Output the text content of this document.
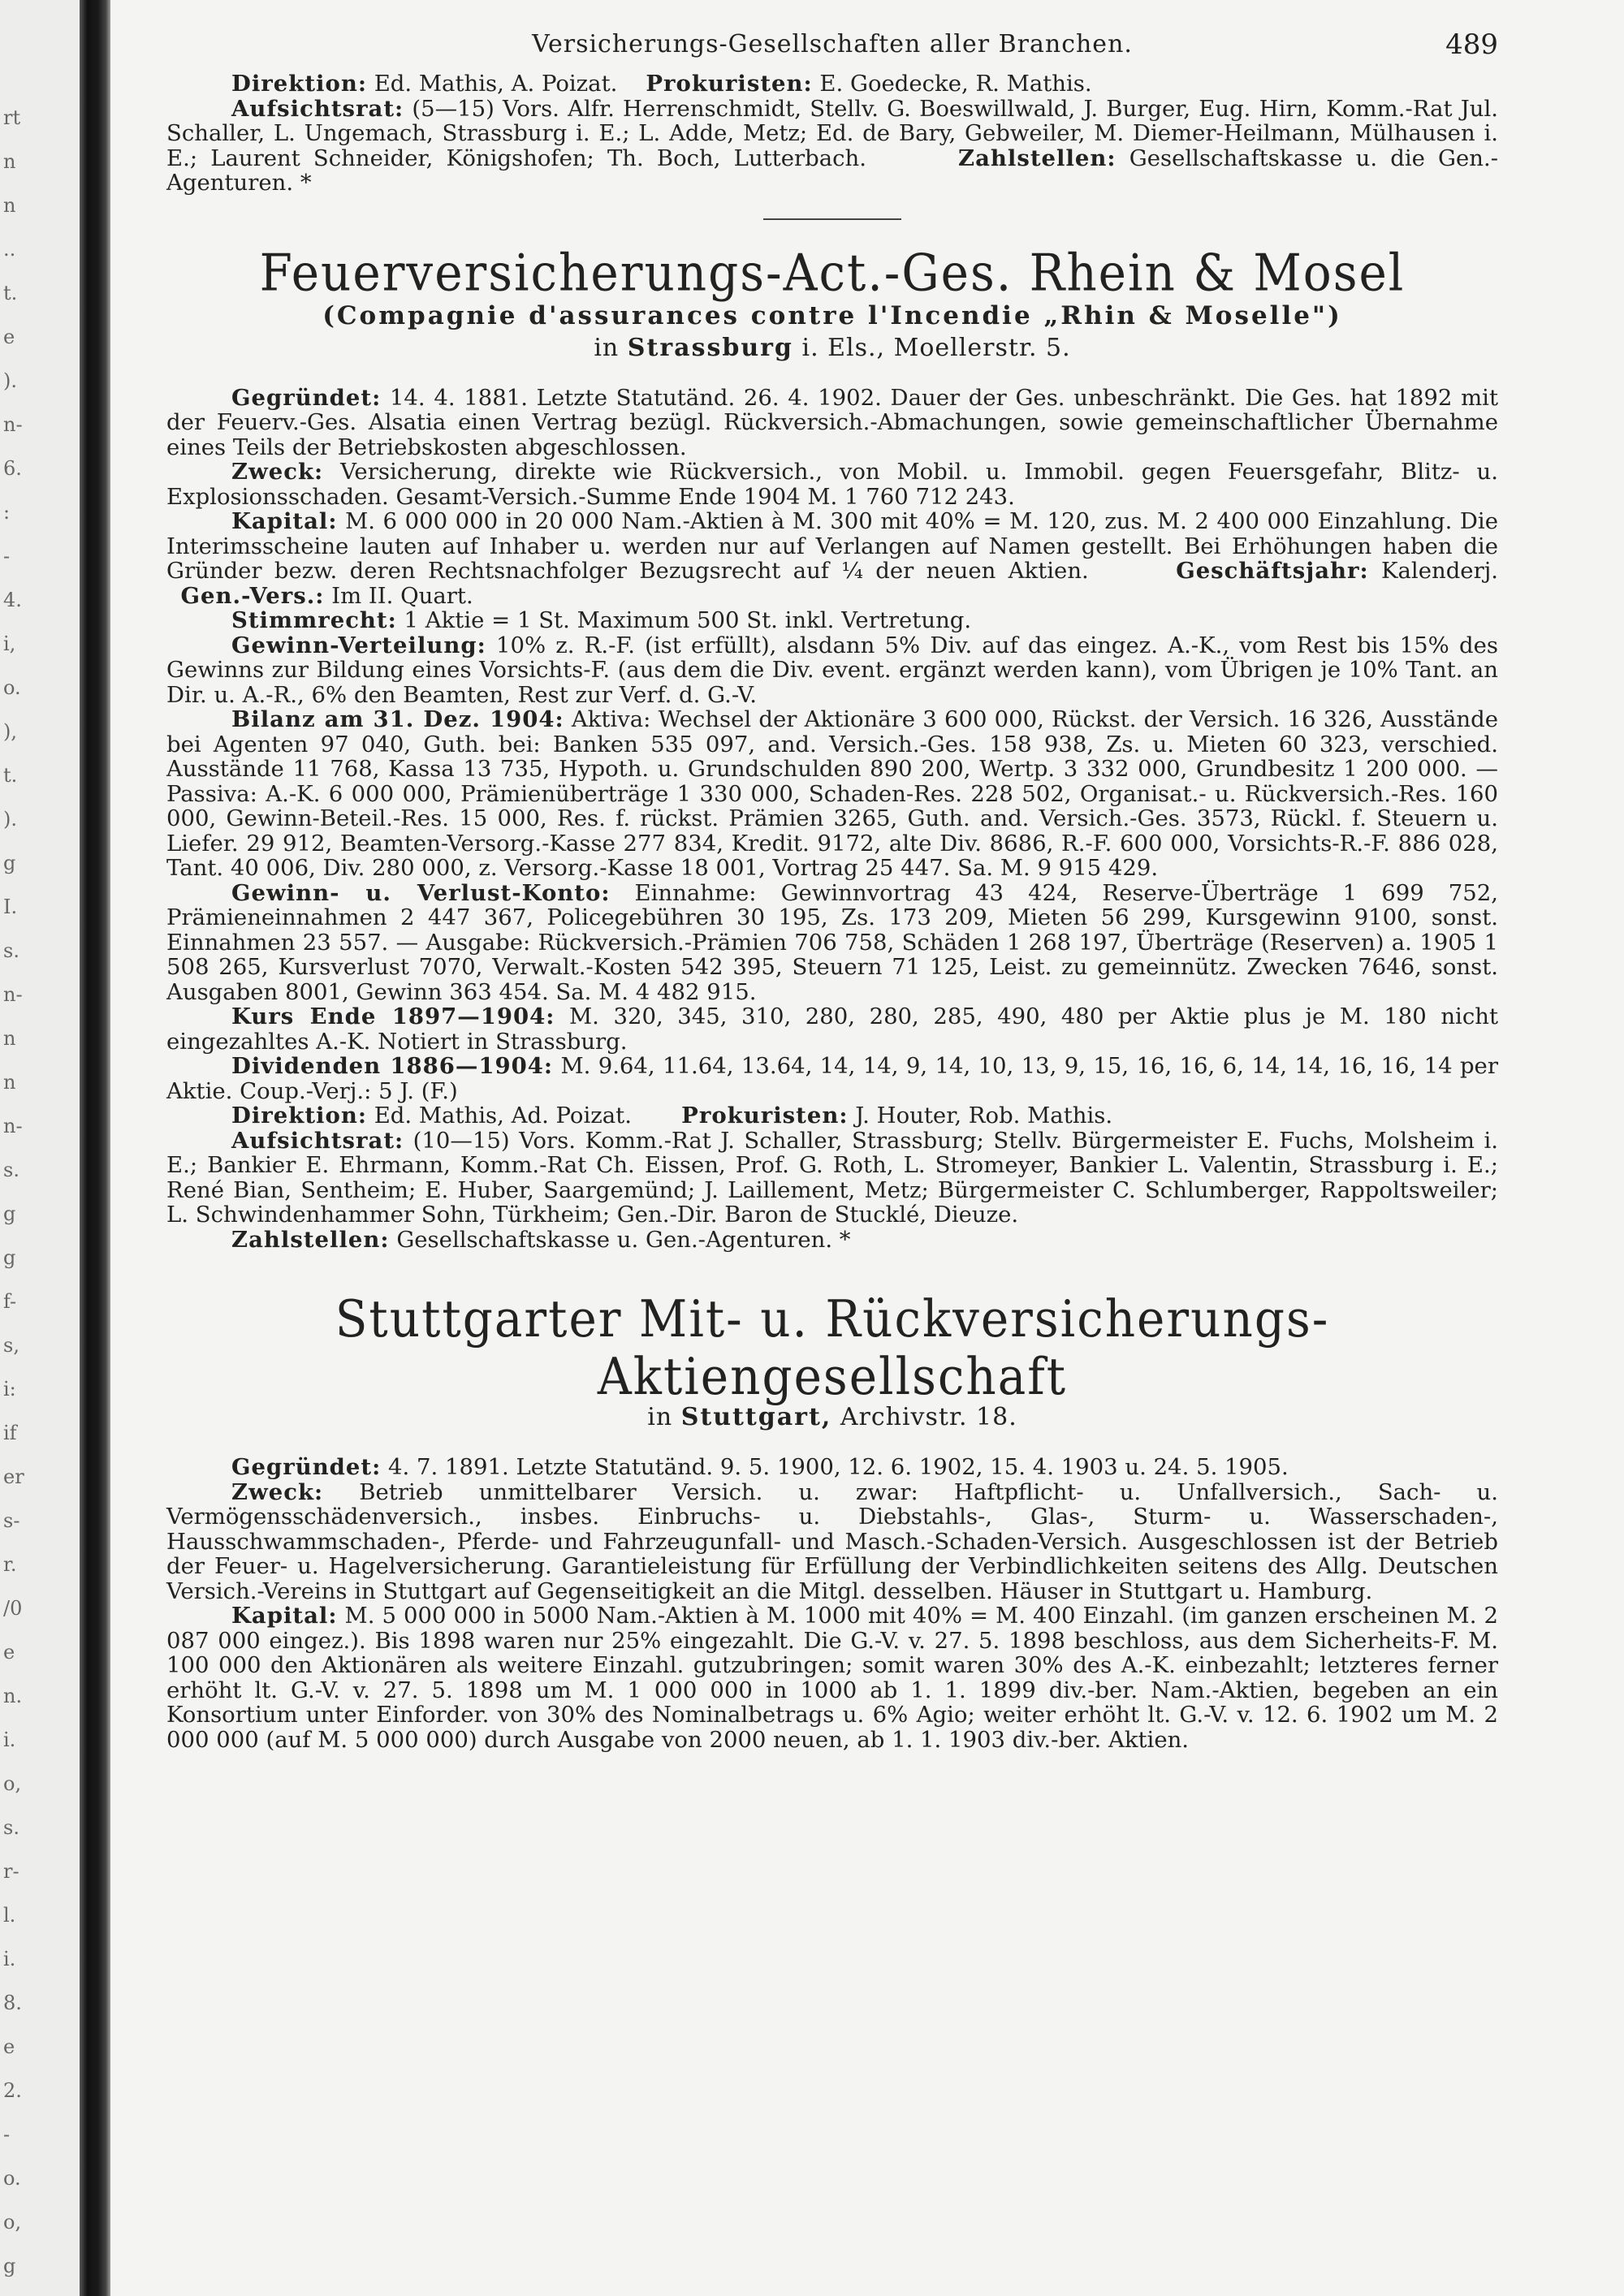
rt
n
n
..
t.
e
).
n-
6.
:
-
4.
i,
o.
),
t.
).
g
I.
s.
n-
n
n
n-
s.
g
g
f-
s,
i:
if
er
s-
r.
/0
e
n.
i.
o,
s.
r-
l.
i.
8.
e
2.
-
o.
o,
g
Versicherungs-Gesellschaften aller Branchen.	489

Direktion: Ed. Mathis, A. Poizat. Prokuristen: E. Goedecke, R. Mathis.

Aufsichtsrat: (5—15) Vors. Alfr. Herrenschmidt, Stellv. G. Boeswillwald, J. Burger, Eug. Hirn, Komm.-Rat Jul. Schaller, L. Ungemach, Strassburg i. E.; L. Adde, Metz; Ed. de Bary, Gebweiler, M. Diemer-Heilmann, Mülhausen i. E.; Laurent Schneider, Königshofen; Th. Boch, Lutterbach.	Zahlstellen: Gesellschaftskasse u. die Gen.-Agenturen. *

Feuerversicherungs-Act.-Ges. Rhein & Mosel
(Compagnie d'assurances contre l'Incendie „Rhin & Moselle")
in Strassburg i. Els., Moellerstr. 5.

Gegründet: 14. 4. 1881. Letzte Statutänd. 26. 4. 1902. Dauer der Ges. unbeschränkt. Die Ges. hat 1892 mit der Feuerv.-Ges. Alsatia einen Vertrag bezügl. Rückversich.-Abmachungen, sowie gemeinschaftlicher Übernahme eines Teils der Betriebskosten abgeschlossen.

Zweck: Versicherung, direkte wie Rückversich., von Mobil. u. Immobil. gegen Feuersgefahr, Blitz- u. Explosionsschaden. Gesamt-Versich.-Summe Ende 1904 M. 1 760 712 243.

Kapital: M. 6 000 000 in 20 000 Nam.-Aktien à M. 300 mit 40% = M. 120, zus. M. 2 400 000 Einzahlung. Die Interimsscheine lauten auf Inhaber u. werden nur auf Verlangen auf Namen gestellt. Bei Erhöhungen haben die Gründer bezw. deren Rechtsnachfolger Bezugsrecht auf ¼ der neuen Aktien.	Geschäftsjahr: Kalenderj.   Gen.-Vers.: Im II. Quart.

Stimmrecht: 1 Aktie = 1 St. Maximum 500 St. inkl. Vertretung.

Gewinn-Verteilung: 10% z. R.-F. (ist erfüllt), alsdann 5% Div. auf das eingez. A.-K., vom Rest bis 15% des Gewinns zur Bildung eines Vorsichts-F. (aus dem die Div. event. ergänzt werden kann), vom Übrigen je 10% Tant. an Dir. u. A.-R., 6% den Beamten, Rest zur Verf. d. G.-V.

Bilanz am 31. Dez. 1904: Aktiva: Wechsel der Aktionäre 3 600 000, Rückst. der Versich. 16 326, Ausstände bei Agenten 97 040, Guth. bei: Banken 535 097, and. Versich.-Ges. 158 938, Zs. u. Mieten 60 323, verschied. Ausstände 11 768, Kassa 13 735, Hypoth. u. Grundschulden 890 200, Wertp. 3 332 000, Grundbesitz 1 200 000. — Passiva: A.-K. 6 000 000, Prämienüberträge 1 330 000, Schaden-Res. 228 502, Organisat.- u. Rückversich.-Res. 160 000, Gewinn-Beteil.-Res. 15 000, Res. f. rückst. Prämien 3265, Guth. and. Versich.-Ges. 3573, Rückl. f. Steuern u. Liefer. 29 912, Beamten-Versorg.-Kasse 277 834, Kredit. 9172, alte Div. 8686, R.-F. 600 000, Vorsichts-R.-F. 886 028, Tant. 40 006, Div. 280 000, z. Versorg.-Kasse 18 001, Vortrag 25 447. Sa. M. 9 915 429.

Gewinn- u. Verlust-Konto: Einnahme: Gewinnvortrag 43 424, Reserve-Überträge 1 699 752, Prämieneinnahmen 2 447 367, Policegebühren 30 195, Zs. 173 209, Mieten 56 299, Kursgewinn 9100, sonst. Einnahmen 23 557. — Ausgabe: Rückversich.-Prämien 706 758, Schäden 1 268 197, Überträge (Reserven) a. 1905 1 508 265, Kursverlust 7070, Verwalt.-Kosten 542 395, Steuern 71 125, Leist. zu gemeinnütz. Zwecken 7646, sonst. Ausgaben 8001, Gewinn 363 454. Sa. M. 4 482 915.

Kurs Ende 1897—1904: M. 320, 345, 310, 280, 280, 285, 490, 480 per Aktie plus je M. 180 nicht eingezahltes A.-K. Notiert in Strassburg.

Dividenden 1886—1904: M. 9.64, 11.64, 13.64, 14, 14, 9, 14, 10, 13, 9, 15, 16, 16, 6, 14, 14, 16, 16, 14 per Aktie. Coup.-Verj.: 5 J. (F.)

Direktion: Ed. Mathis, Ad. Poizat. Prokuristen: J. Houter, Rob. Mathis.

Aufsichtsrat: (10—15) Vors. Komm.-Rat J. Schaller, Strassburg; Stellv. Bürgermeister E. Fuchs, Molsheim i. E.; Bankier E. Ehrmann, Komm.-Rat Ch. Eissen, Prof. G. Roth, L. Stromeyer, Bankier L. Valentin, Strassburg i. E.; René Bian, Sentheim; E. Huber, Saargemünd; J. Laillement, Metz; Bürgermeister C. Schlumberger, Rappoltsweiler; L. Schwindenhammer Sohn, Türkheim; Gen.-Dir. Baron de Stucklé, Dieuze.

Zahlstellen: Gesellschaftskasse u. Gen.-Agenturen. *

Stuttgarter Mit- u. Rückversicherungs-Aktiengesellschaft
in Stuttgart, Archivstr. 18.

Gegründet: 4. 7. 1891. Letzte Statutänd. 9. 5. 1900, 12. 6. 1902, 15. 4. 1903 u. 24. 5. 1905.

Zweck: Betrieb unmittelbarer Versich. u. zwar: Haftpflicht- u. Unfallversich., Sach- u. Vermögensschädenversich., insbes. Einbruchs- u. Diebstahls-, Glas-, Sturm- u. Wasserschaden-, Hausschwammschaden-, Pferde- und Fahrzeugunfall- und Masch.-Schaden-Versich. Ausgeschlossen ist der Betrieb der Feuer- u. Hagelversicherung. Garantieleistung für Erfüllung der Verbindlichkeiten seitens des Allg. Deutschen Versich.-Vereins in Stuttgart auf Gegenseitigkeit an die Mitgl. desselben. Häuser in Stuttgart u. Hamburg.

Kapital: M. 5 000 000 in 5000 Nam.-Aktien à M. 1000 mit 40% = M. 400 Einzahl. (im ganzen erscheinen M. 2 087 000 eingez.). Bis 1898 waren nur 25% eingezahlt. Die G.-V. v. 27. 5. 1898 beschloss, aus dem Sicherheits-F. M. 100 000 den Aktionären als weitere Einzahl. gutzubringen; somit waren 30% des A.-K. einbezahlt; letzteres ferner erhöht lt. G.-V. v. 27. 5. 1898 um M. 1 000 000 in 1000 ab 1. 1. 1899 div.-ber. Nam.-Aktien, begeben an ein Konsortium unter Einforder. von 30% des Nominalbetrags u. 6% Agio; weiter erhöht lt. G.-V. v. 12. 6. 1902 um M. 2 000 000 (auf M. 5 000 000) durch Ausgabe von 2000 neuen, ab 1. 1. 1903 div.-ber. Aktien.
